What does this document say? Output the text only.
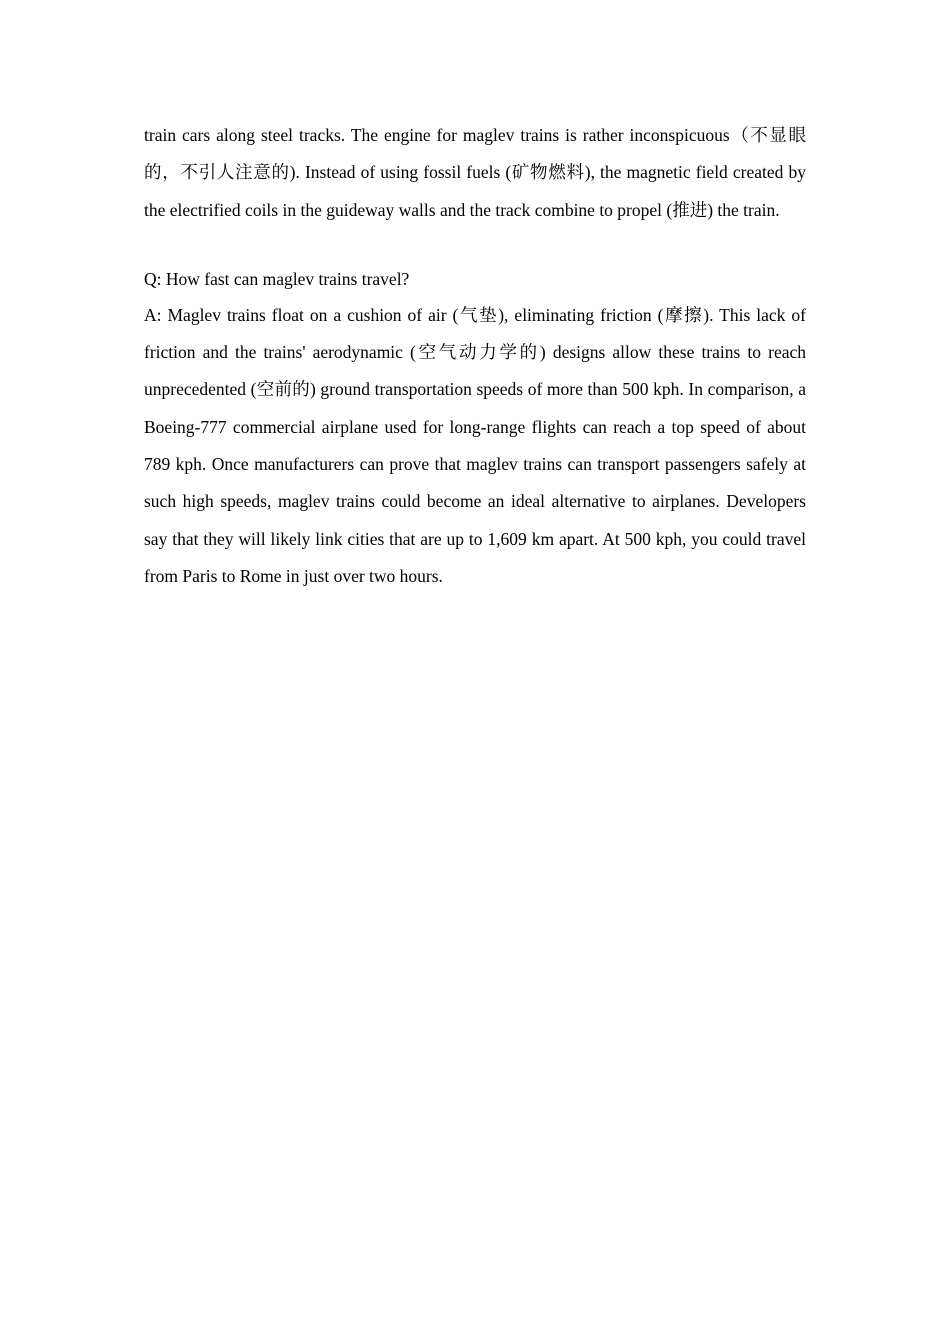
train cars along steel tracks. The engine for maglev trains is rather inconspicuous（不显眼的，不引人注意的). Instead of using fossil fuels (矿物燃料), the magnetic field created by the electrified coils in the guideway walls and the track combine to propel (推进) the train.

Q: How fast can maglev trains travel?

A: Maglev trains float on a cushion of air (气垫), eliminating friction (摩擦). This lack of friction and the trains' aerodynamic (空气动力学的) designs allow these trains to reach unprecedented (空前的) ground transportation speeds of more than 500 kph. In comparison, a Boeing-777 commercial airplane used for long-range flights can reach a top speed of about 789 kph. Once manufacturers can prove that maglev trains can transport passengers safely at such high speeds, maglev trains could become an ideal alternative to airplanes. Developers say that they will likely link cities that are up to 1,609 km apart. At 500 kph, you could travel from Paris to Rome in just over two hours.
